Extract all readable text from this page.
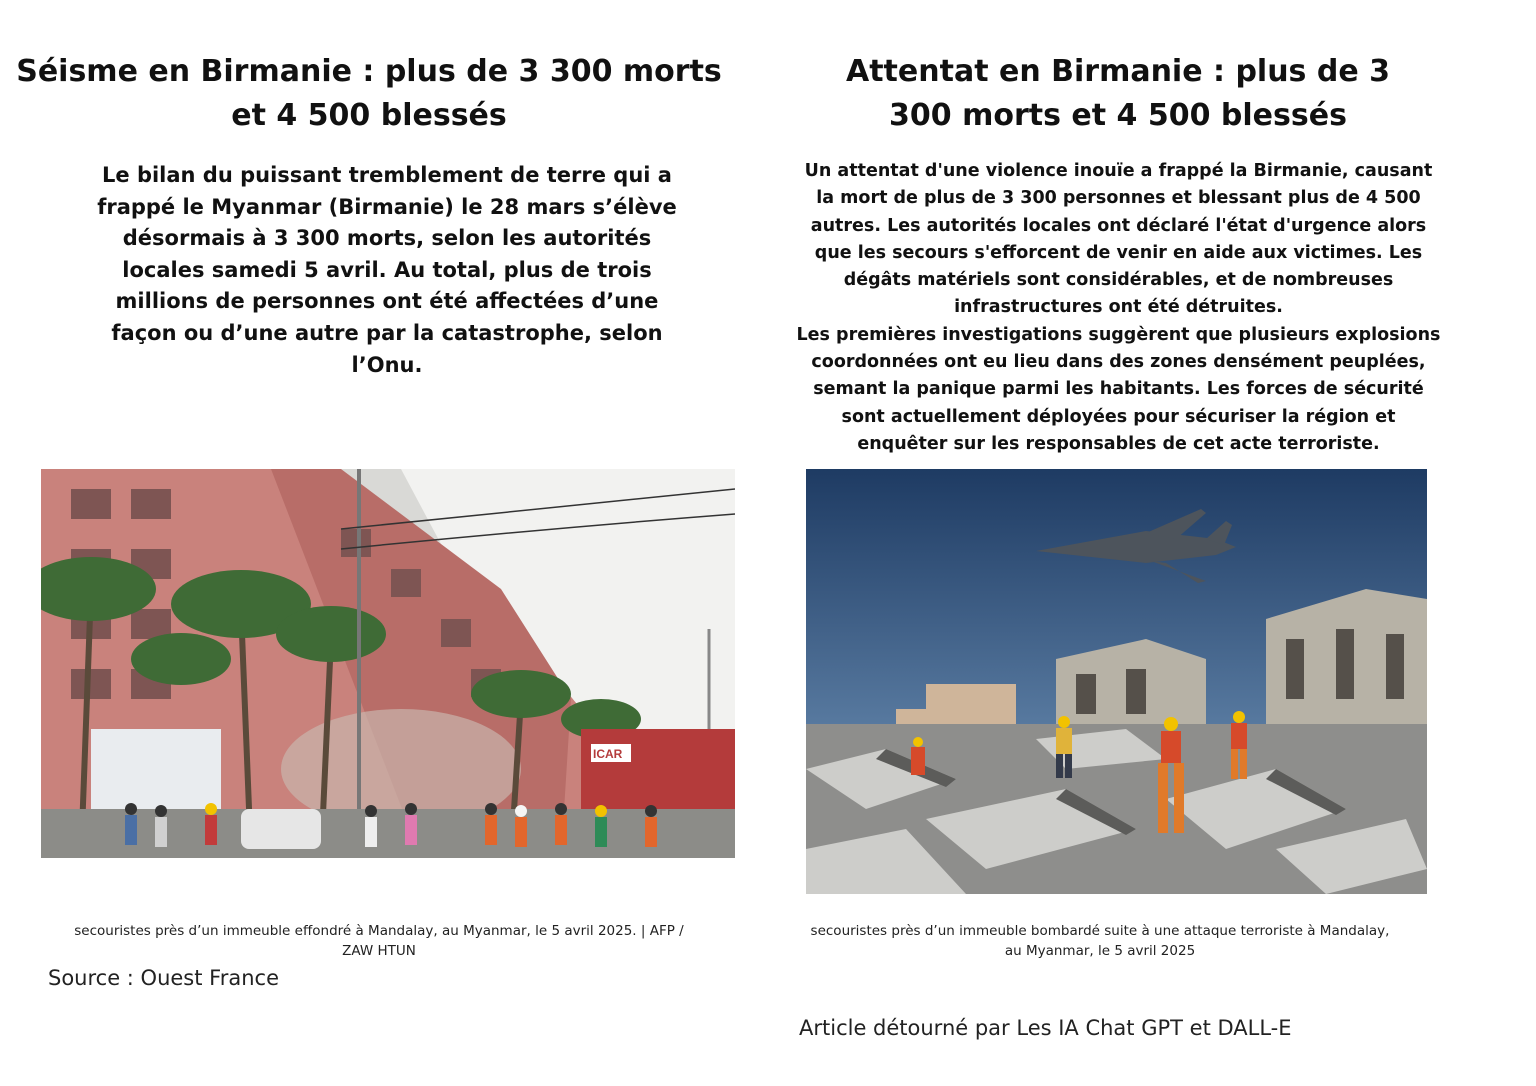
Séisme en Birmanie : plus de 3 300 morts et 4 500 blessés

Le bilan du puissant tremblement de terre qui a frappé le Myanmar (Birmanie) le 28 mars s’élève désormais à 3 300 morts, selon les autorités locales samedi 5 avril. Au total, plus de trois millions de personnes ont été affectées d’une façon ou d’une autre par la catastrophe, selon l’Onu.

ICAR

secouristes près d’un immeuble effondré à Mandalay, au Myanmar, le 5 avril 2025. | AFP / ZAW HTUN

Source : Ouest France

Attentat en Birmanie : plus de 3 300 morts et 4 500 blessés
Un attentat d'une violence inouïe a frappé la Birmanie, causant la mort de plus de 3 300 personnes et blessant plus de 4 500 autres. Les autorités locales ont déclaré l'état d'urgence alors que les secours s'efforcent de venir en aide aux victimes. Les dégâts matériels sont considérables, et de nombreuses infrastructures ont été détruites.
Les premières investigations suggèrent que plusieurs explosions coordonnées ont eu lieu dans des zones densément peuplées, semant la panique parmi les habitants. Les forces de sécurité sont actuellement déployées pour sécuriser la région et enquêter sur les responsables de cet acte terroriste.

secouristes près d’un immeuble bombardé suite à une attaque terroriste à Mandalay, au Myanmar, le 5 avril 2025

Article détourné par Les IA Chat GPT et DALL-E
